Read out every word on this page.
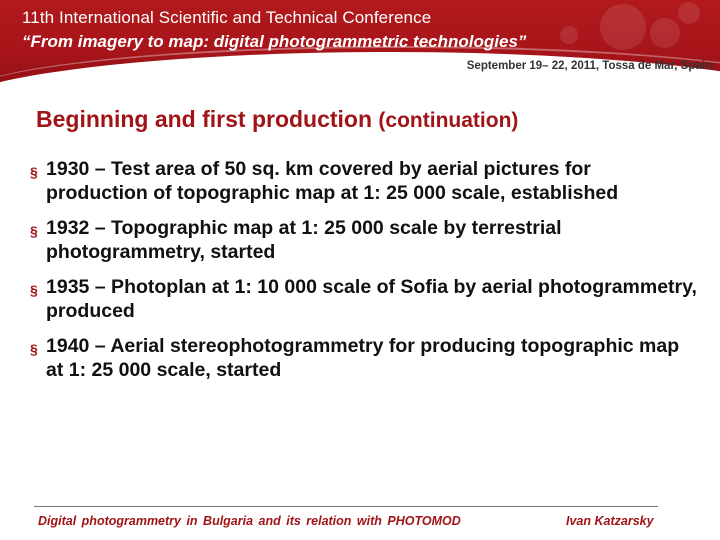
11th International Scientific and Technical Conference
“From imagery to map: digital photogrammetric technologies”
September 19– 22, 2011, Tossa de Mar, Spain
Beginning and first production (continuation)
§ 1930 – Test area of 50 sq. km covered by aerial pictures for production of topographic map at 1: 25 000 scale, established
§ 1932 – Topographic map at 1: 25 000 scale by terrestrial photogrammetry, started
§ 1935 – Photoplan at 1: 10 000 scale of Sofia by aerial photogrammetry, produced
§ 1940 – Aerial stereophotogrammetry for producing topographic map at 1: 25 000 scale, started
Digital photogrammetry in Bulgaria and its relation with PHOTOMOD	Ivan Katzarsky
